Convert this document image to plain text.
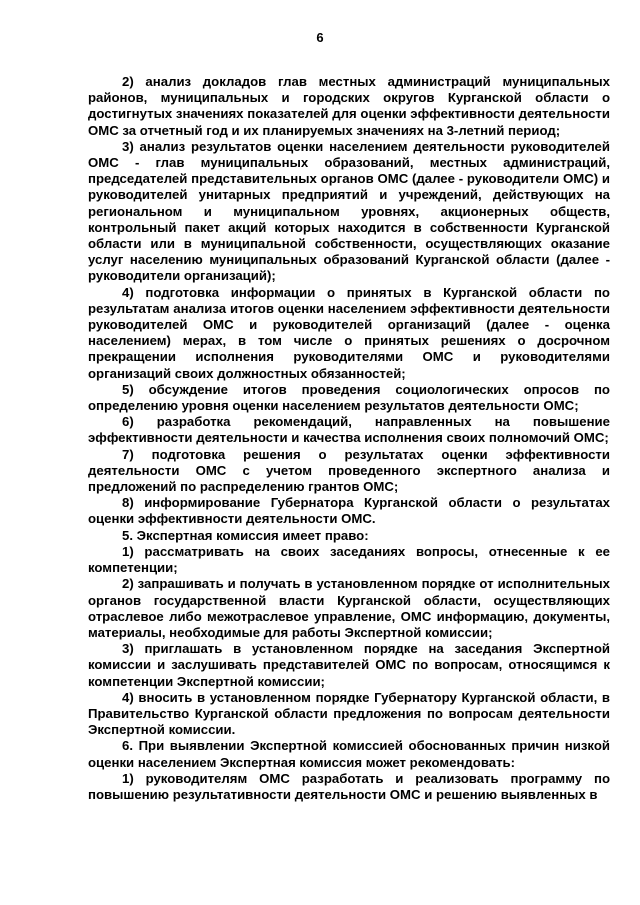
6

2) анализ докладов глав местных администраций муниципальных районов, муниципальных и городских округов Курганской области о достигнутых значениях показателей для оценки эффективности деятельности ОМС за отчетный год и их планируемых значениях на 3-летний период;

3) анализ результатов оценки населением деятельности руководителей ОМС - глав муниципальных образований, местных администраций, председателей представительных органов ОМС (далее - руководители ОМС) и руководителей унитарных предприятий и учреждений, действующих на региональном и муниципальном уровнях, акционерных обществ, контрольный пакет акций которых находится в собственности Курганской области или в муниципальной собственности, осуществляющих оказание услуг населению муниципальных образований Курганской области (далее - руководители организаций);

4) подготовка информации о принятых в Курганской области по результатам анализа итогов оценки населением эффективности деятельности руководителей ОМС и руководителей организаций (далее - оценка населением) мерах, в том числе о принятых решениях о досрочном прекращении исполнения руководителями ОМС и руководителями организаций своих должностных обязанностей;

5) обсуждение итогов проведения социологических опросов по определению уровня оценки населением результатов деятельности ОМС;

6) разработка рекомендаций, направленных на повышение эффективности деятельности и качества исполнения своих полномочий ОМС;

7) подготовка решения о результатах оценки эффективности деятельности ОМС с учетом проведенного экспертного анализа и предложений по распределению грантов ОМС;

8) информирование Губернатора Курганской области о результатах оценки эффективности деятельности ОМС.

5. Экспертная комиссия имеет право:

1) рассматривать на своих заседаниях вопросы, отнесенные к ее компетенции;

2) запрашивать и получать в установленном порядке от исполнительных органов государственной власти Курганской области, осуществляющих отраслевое либо межотраслевое управление, ОМС информацию, документы, материалы, необходимые для работы Экспертной комиссии;

3) приглашать в установленном порядке на заседания Экспертной комиссии и заслушивать представителей ОМС по вопросам, относящимся к компетенции Экспертной комиссии;

4) вносить в установленном порядке Губернатору Курганской области, в Правительство Курганской области предложения по вопросам деятельности Экспертной комиссии.

6. При выявлении Экспертной комиссией обоснованных причин низкой оценки населением Экспертная комиссия может рекомендовать:

1) руководителям ОМС разработать и реализовать программу по повышению результативности деятельности ОМС и решению выявленных в
